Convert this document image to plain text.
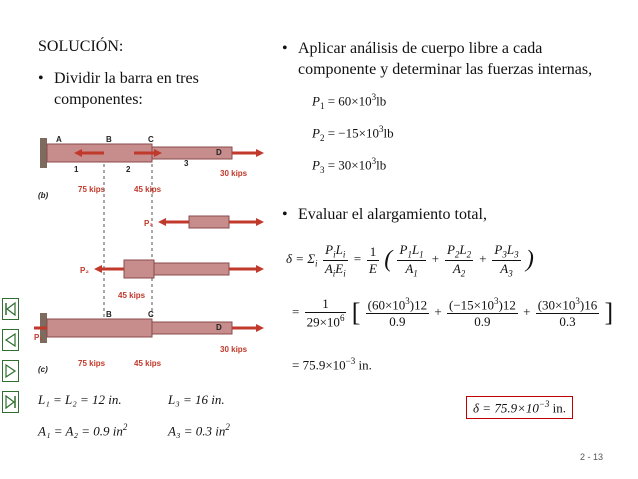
SOLUCIÓN:
• Dividir la barra en tres componentes:
A	B	C
D
1	2
3
75 kips	45 kips
30 kips
(b)
P₃
P₂
45 kips
P₁
B	C
D
75 kips	45 kips
30 kips
(c)
L₁ = L₂ = 12 in.	L₃ = 16 in.
A₁ = A₂ = 0.9 $in^2$	A₃ = 0.3 $in^2$
• Aplicar análisis de cuerpo libre a cada componente y determinar las fuerzas internas,
$P_1 = 60\times 10^3lb$
$P_2 = -15\times 10^3lb$
$P_3 = 30\times 10^3lb$
• Evaluar el alargamiento total,
$\delta = \Sigma_i \frac{P_iL_i}{A_iE_i} = \frac{1}{E}$ ( $\frac{P_1L_1}{A_1} + \frac{P_2L_2}{A_2} + \frac{P_3L_3}{A_3}$ )
= $\frac{1}{29\times 10^6}$ [ $\frac{(60\times 10^3)12}{0.9} + \frac{(-15\times 10^3)12}{0.9} + \frac{(30\times 10^3)16}{0.3}$ ]
= $75.9\times 10^{-3}$ in.
$\delta = 75.9\times 10^{-3}$ in.
2 - 13
